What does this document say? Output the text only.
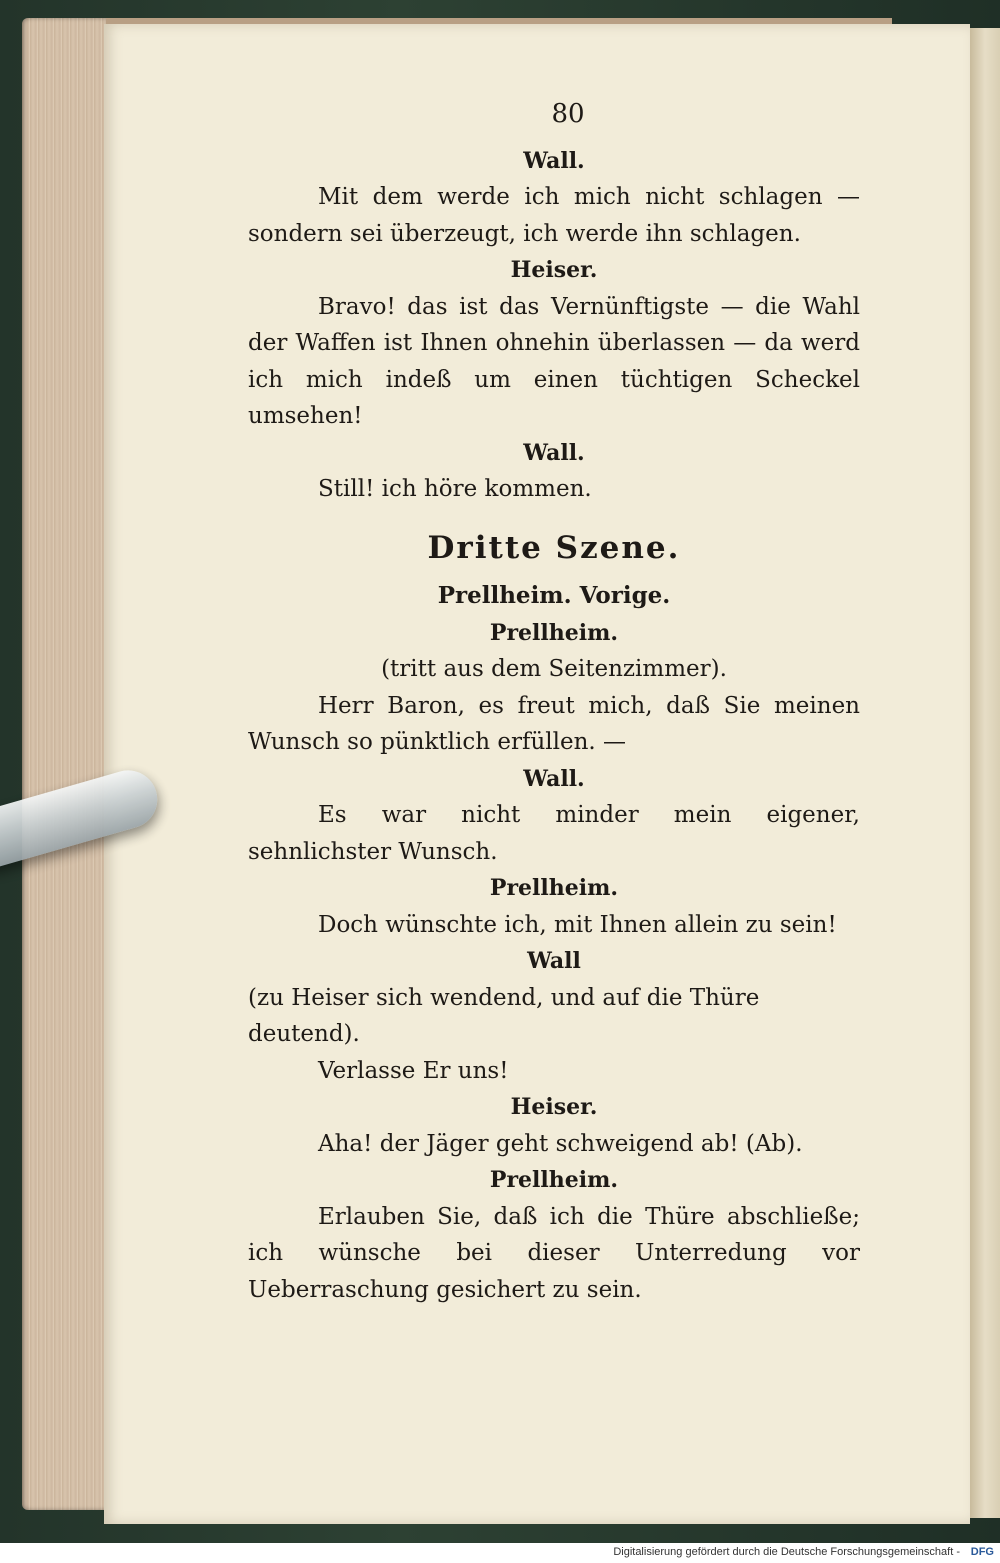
80

Wall.

Mit dem werde ich mich nicht schlagen — sondern sei überzeugt, ich werde ihn schlagen.

Heiser.

Bravo! das ist das Vernünftigste — die Wahl der Waffen ist Ihnen ohnehin überlassen — da werd ich mich indeß um einen tüchtigen Scheckel umsehen!

Wall.

Still! ich höre kommen.

Dritte Szene.

Prellheim. Vorige.

Prellheim.

(tritt aus dem Seitenzimmer).

Herr Baron, es freut mich, daß Sie meinen Wunsch so pünktlich erfüllen. —

Wall.

Es war nicht minder mein eigener, sehnlichster Wunsch.

Prellheim.

Doch wünschte ich, mit Ihnen allein zu sein!

Wall

(zu Heiser sich wendend, und auf die Thüre deutend).

Verlasse Er uns!

Heiser.

Aha! der Jäger geht schweigend ab! (Ab).

Prellheim.

Erlauben Sie, daß ich die Thüre abschließe; ich wünsche bei dieser Unterredung vor Ueberraschung gesichert zu sein.

Digitalisierung gefördert durch die Deutsche Forschungsgemeinschaft - DFG
